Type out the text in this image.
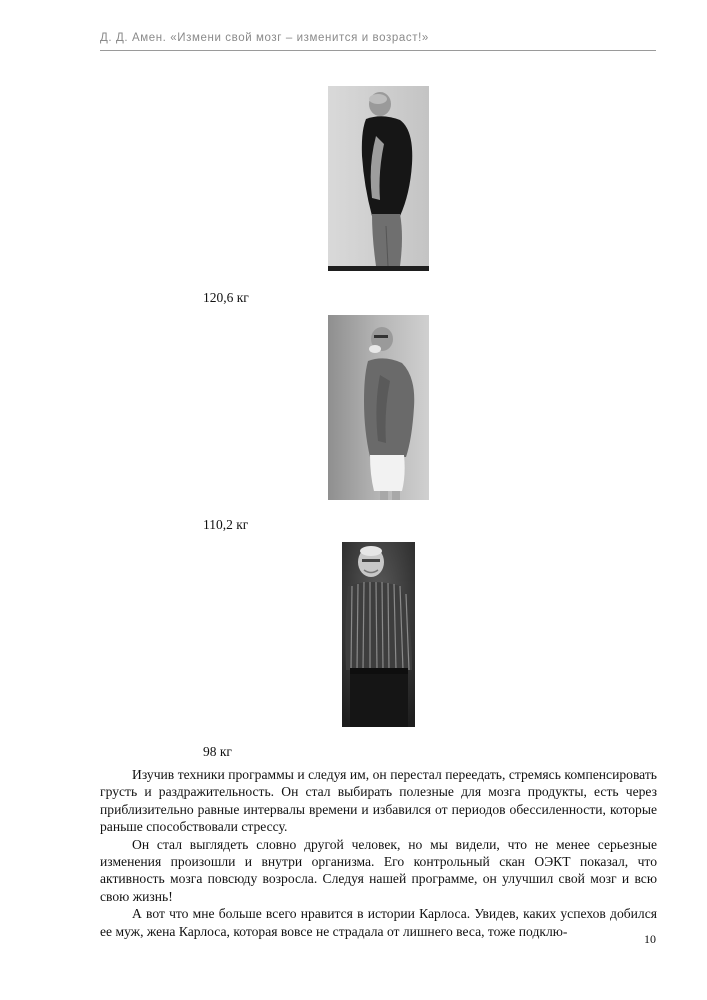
Д. Д. Амен. «Измени свой мозг – изменится и возраст!»
120,6 кг
110,2 кг
98 кг

Изучив техники программы и следуя им, он перестал переедать, стремясь компенсировать грусть и раздражительность. Он стал выбирать полезные для мозга продукты, есть через приблизительно равные интервалы времени и избавился от периодов обессиленности, которые раньше способствовали стрессу.

Он стал выглядеть словно другой человек, но мы видели, что не менее серьезные изменения произошли и внутри организма. Его контрольный скан ОЭКТ показал, что активность мозга повсюду возросла. Следуя нашей программе, он улучшил свой мозг и всю свою жизнь!

А вот что мне больше всего нравится в истории Карлоса. Увидев, каких успехов добился ее муж, жена Карлоса, которая вовсе не страдала от лишнего веса, тоже подклю-

10
